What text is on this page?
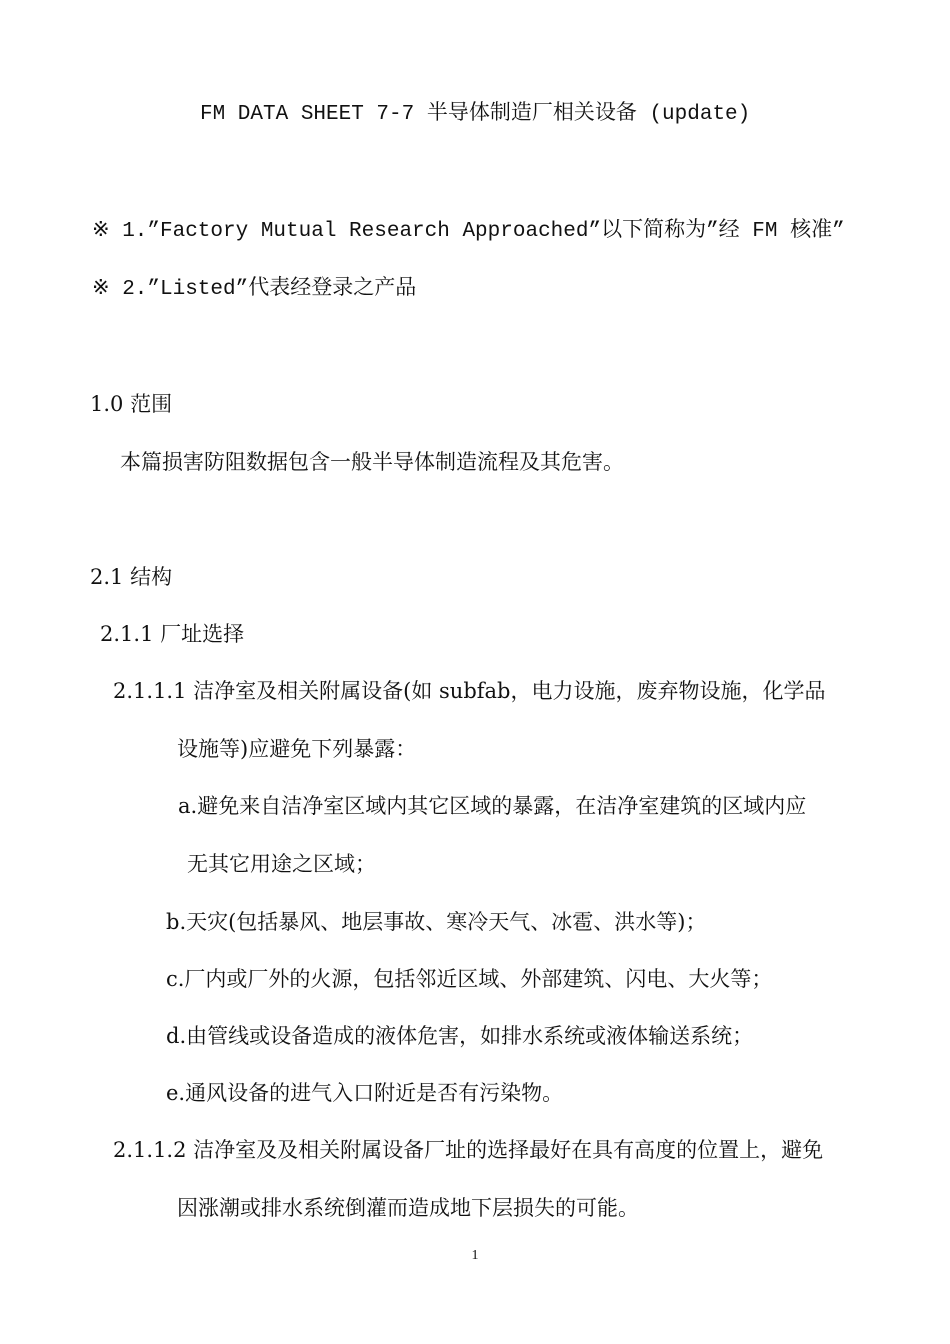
FM DATA SHEET 7-7 半导体制造厂相关设备 (update)
※ 1.”Factory Mutual Research Approached”以下简称为”经 FM 核准”
※ 2.”Listed”代表经登录之产品
1.0 范围
本篇损害防阻数据包含一般半导体制造流程及其危害。
2.1 结构
2.1.1 厂址选择
2.1.1.1 洁净室及相关附属设备(如 subfab，电力设施，废弃物设施，化学品
设施等)应避免下列暴露：
a.避免来自洁净室区域内其它区域的暴露，在洁净室建筑的区域内应
无其它用途之区域；
b.天灾(包括暴风、地层事故、寒冷天气、冰雹、洪水等)；
c.厂内或厂外的火源，包括邻近区域、外部建筑、闪电、大火等；
d.由管线或设备造成的液体危害，如排水系统或液体输送系统；
e.通风设备的进气入口附近是否有污染物。
2.1.1.2 洁净室及及相关附属设备厂址的选择最好在具有高度的位置上，避免
因涨潮或排水系统倒灌而造成地下层损失的可能。
1
